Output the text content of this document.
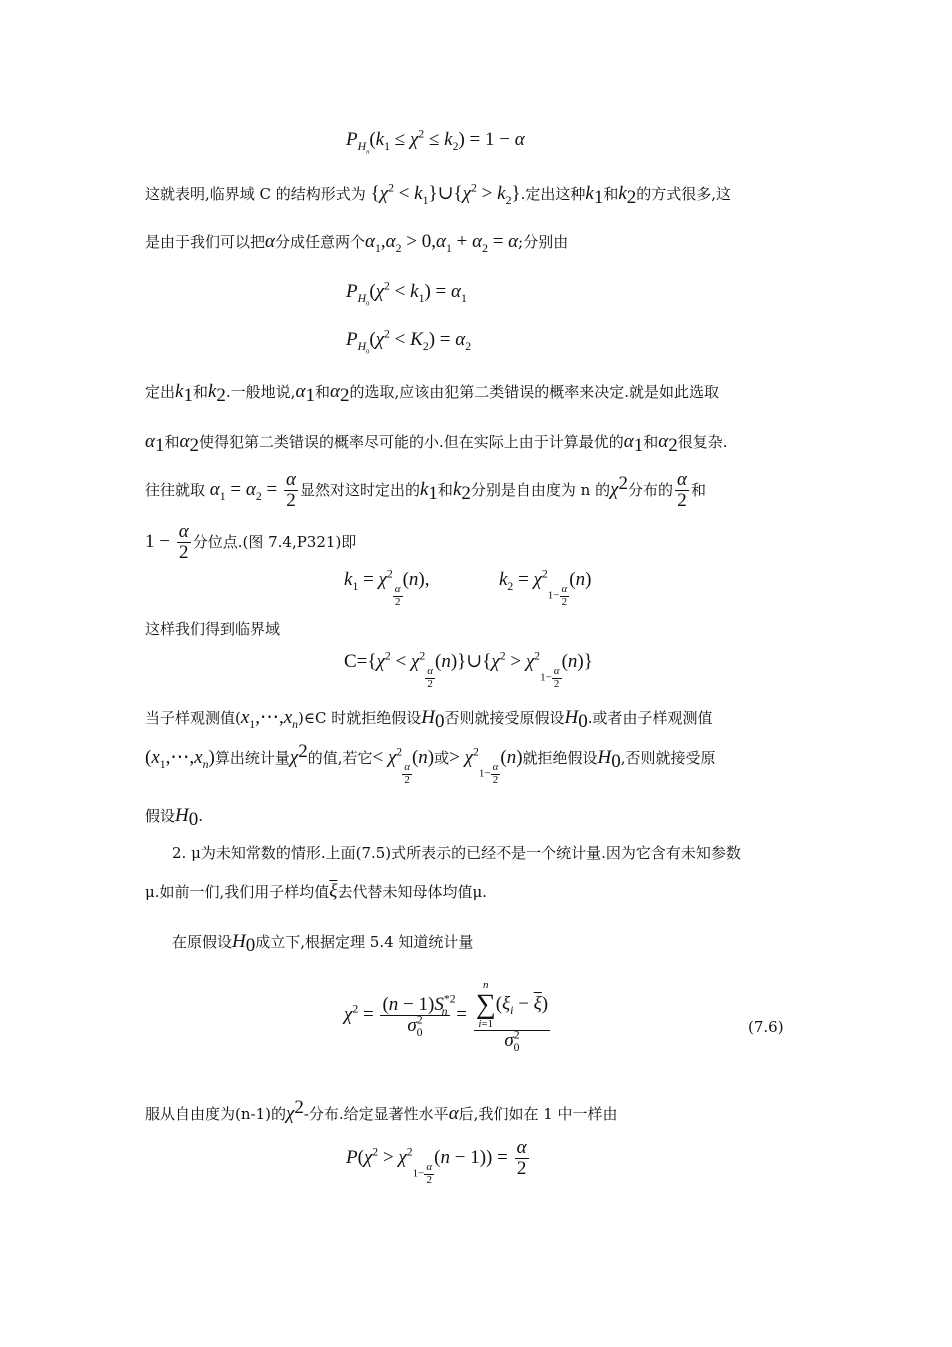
$P_{H_n}(k_1 \le \chi^2 \le k_2) = 1 - \alpha$
这就表明,临界域 C 的结构形式为 {$\chi^2$ < $k_1\}\cup\{\chi^2 > k_2\}$.定出这种$k_1$和$k_2$的方式很多,这
是由于我们可以把α分成任意两个$\alpha_1,\alpha_2 > 0,\alpha_1 + \alpha_2 = \alpha$;分别由
$P_{H_0}(\chi^2 < k_1) = \alpha_1$
$P_{H_0}(\chi^2 < K_2) = \alpha_2$
定出$k_1$和$k_2$.一般地说$,\alpha_1$和$\alpha_2$的选取,应该由犯第二类错误的概率来决定.就是如此选取
$\alpha_1$和$\alpha_2$使得犯第二类错误的概率尽可能的小.但在实际上由于计算最优的$\alpha_1$和$\alpha_2$很复杂.
往往就取 $\alpha_1 = \alpha_2 = \frac{\alpha}{2}$ 显然对这时定出的$k_1$和$k_2$分别是自由度为 n 的$\chi^2$分布的 $\frac{\alpha}{2}$ 和
$1 - \frac{\alpha}{2}$ 分位点.(图 7.4,P321)即
$k_1 = \chi^2$
$\frac{\alpha}{2}$
(n),	$k_2 = \chi^21- \frac{\alpha}{2}$
(n)
这样我们得到临界域
$C=\{\chi^2 < \chi^2$
$\frac{\alpha}{2}$
$(n)\}\cup\{\chi^2 > \chi^21- \frac{\alpha}{2}$
(n)}
当子样观测值$(x_1,\cdots,x_n)\in C$ 时就拒绝假设$H_0$否则就接受原假设$H_0$.或者由子样观测值
$(x_1,\cdots,x_n)$算出统计量$\chi^2$的值,若它< $\chi^2$
$\frac{\alpha}{2}$
(n)或> $\chi^21- \frac{\alpha}{2}$
(n)就拒绝假设$H_0$,否则就接受原
假设$H_0$.
2. μ为未知常数的情形.上面(7.5)式所表示的已经不是一个统计量.因为它含有未知参数
μ.如前一们,我们用子样均值$\overline{\xi}$去代替未知母体均值μ.
在原假设$H_0$成立下,根据定理 5.4 知道统计量
$\chi^2 = \frac{(n - 1)S^{*2}_n}{\sigma^2_0} = n$
∑
i=1
$(\xi_i - \overline{\xi})$
$\sigma^2_0$	(7.6)
服从自由度为(n-1)的$\chi^2-$分布.给定显著性水平α后,我们如在 1 中一样由
$P(\chi^2 > \chi^21- \frac{\alpha}{2}$
$(n - 1)) = \frac{\alpha}{2}$
